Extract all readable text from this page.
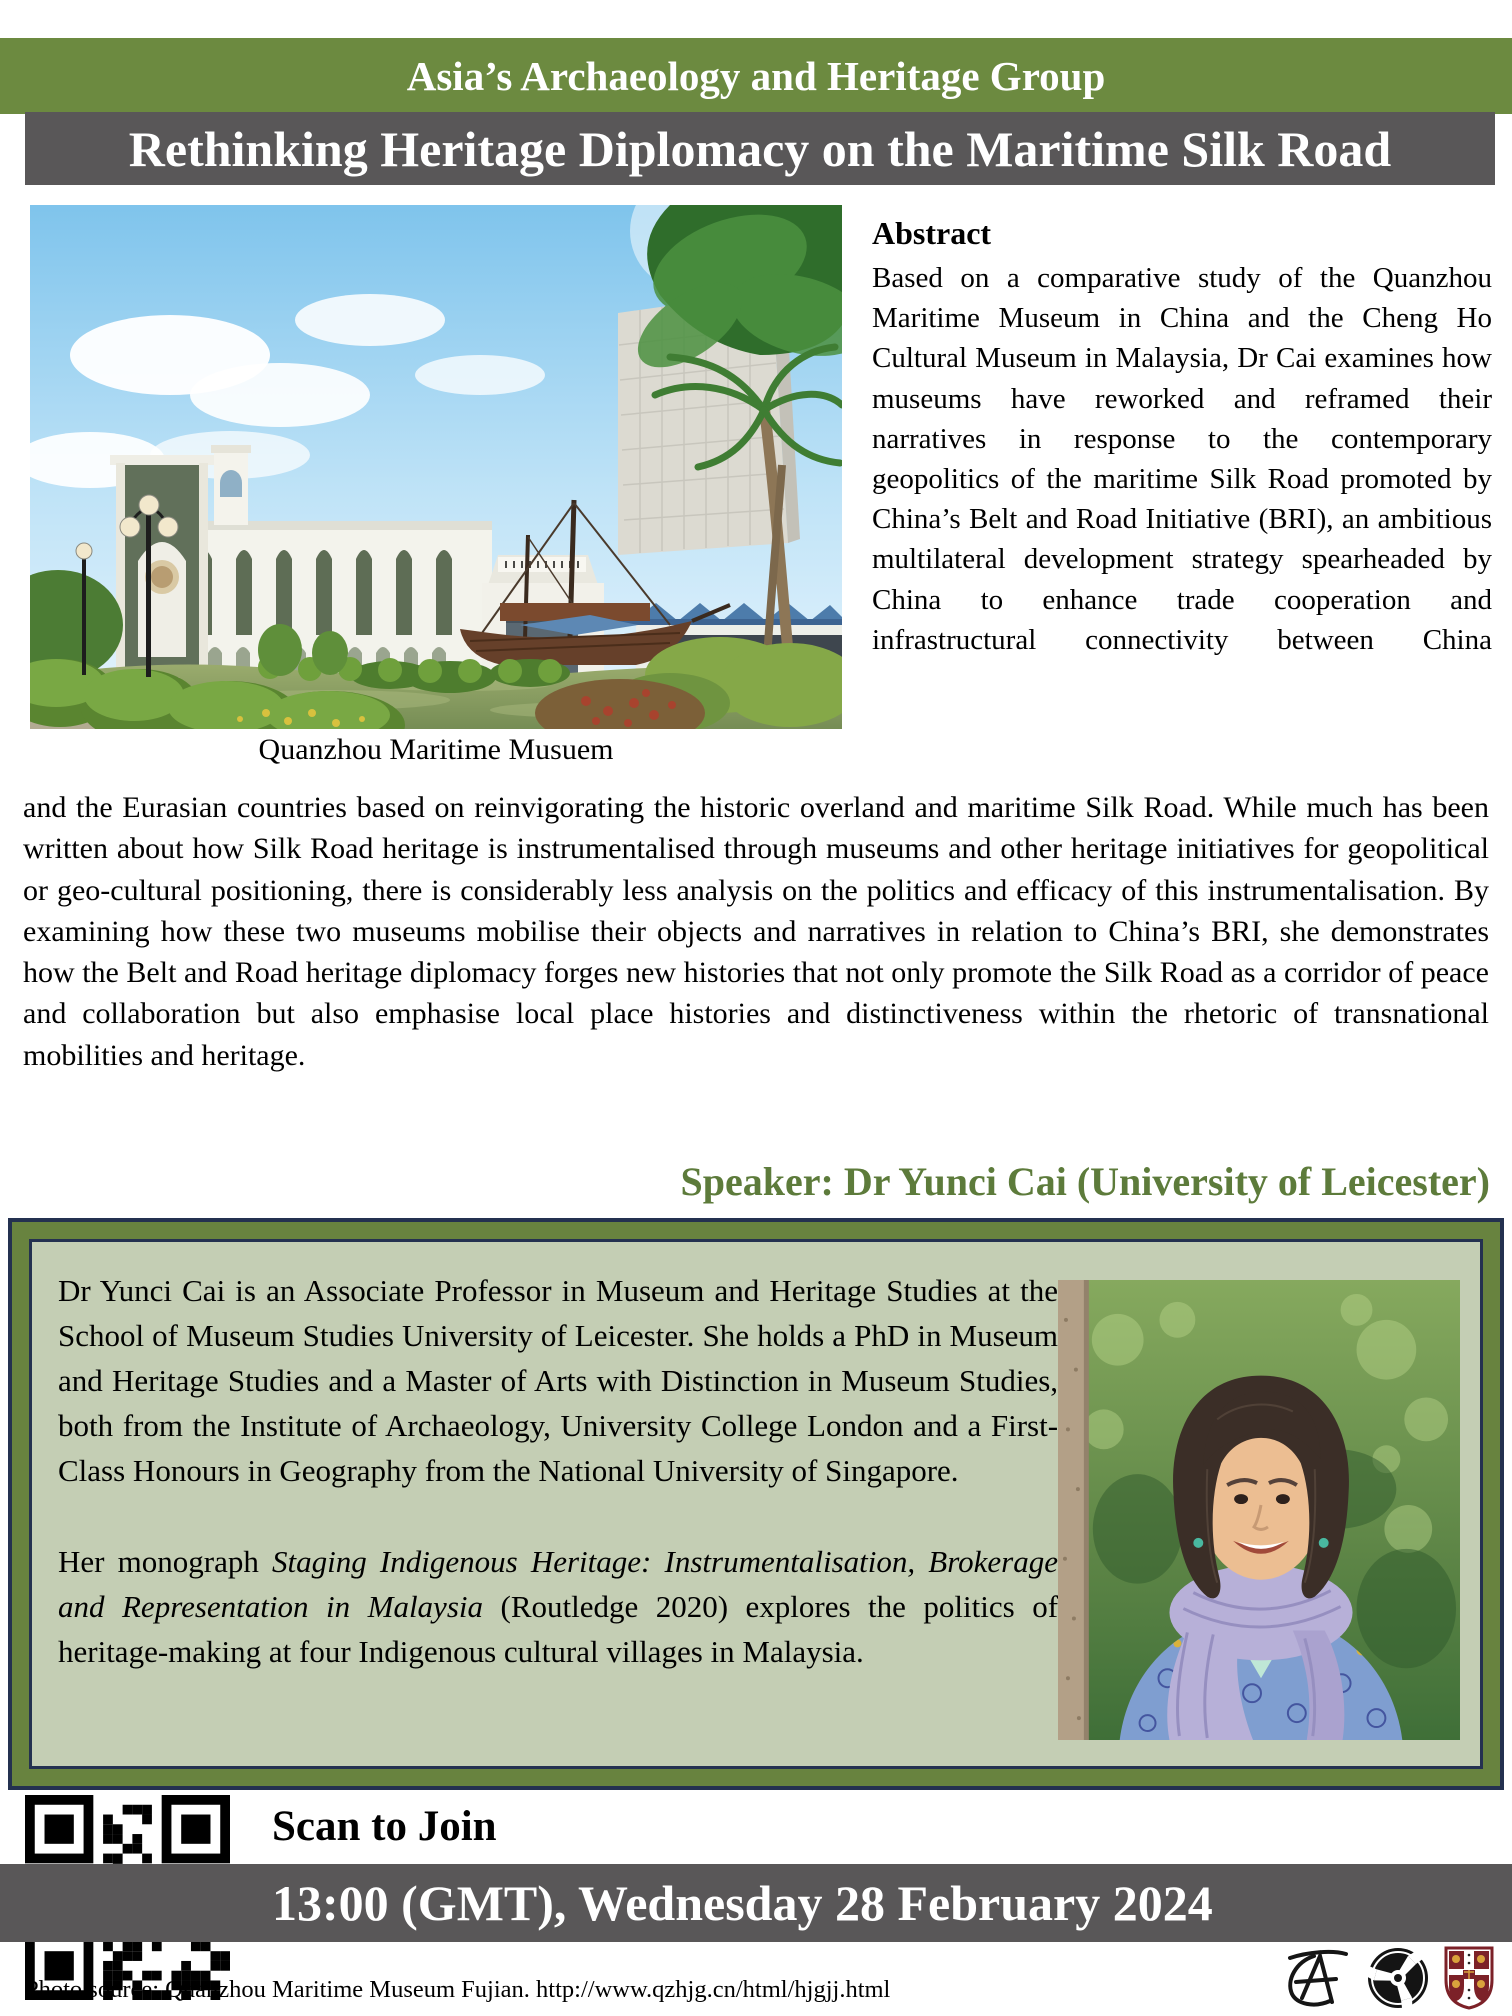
Asia’s Archaeology and Heritage Group
Rethinking Heritage Diplomacy on the Maritime Silk Road
Quanzhou Maritime Musuem
Abstract

Based on a comparative study of the Quanzhou Maritime Museum in China and the Cheng Ho Cultural Museum in Malaysia, Dr Cai examines how museums have reworked and reframed their narratives in response to the contemporary geopolitics of the maritime Silk Road promoted by China’s Belt and Road Initiative (BRI), an ambitious multilateral development strategy spearheaded by China to enhance trade cooperation and infrastructural connectivity between China

and the Eurasian countries based on reinvigorating the historic overland and maritime Silk Road. While much has been written about how Silk Road heritage is instrumentalised through museums and other heritage initiatives for geopolitical or geo-cultural positioning, there is considerably less analysis on the politics and efficacy of this instrumentalisation. By examining how these two museums mobilise their objects and narratives in relation to China’s BRI, she demonstrates how the Belt and Road heritage diplomacy forges new histories that not only promote the Silk Road as a corridor of peace and collaboration but also emphasise local place histories and distinctiveness within the rhetoric of transnational mobilities and heritage.

Speaker: Dr Yunci Cai (University of Leicester)

Dr Yunci Cai is an Associate Professor in Museum and Heritage Studies at the School of Museum Studies University of Leicester. She holds a PhD in Museum and Heritage Studies and a Master of Arts with Distinction in Museum Studies, both from the Institute of Archaeology, University College London and a First-Class Honours in Geography from the National University of Singapore.

Her monograph Staging Indigenous Heritage: Instrumentalisation, Brokerage and Representation in Malaysia (Routledge 2020) explores the politics of heritage-making at four Indigenous cultural villages in Malaysia.

Scan to Join
13:00 (GMT), Wednesday 28 February 2024
Photo source: Quanzhou Maritime Museum Fujian. http://www.qzhjg.cn/html/hjgjj.html
